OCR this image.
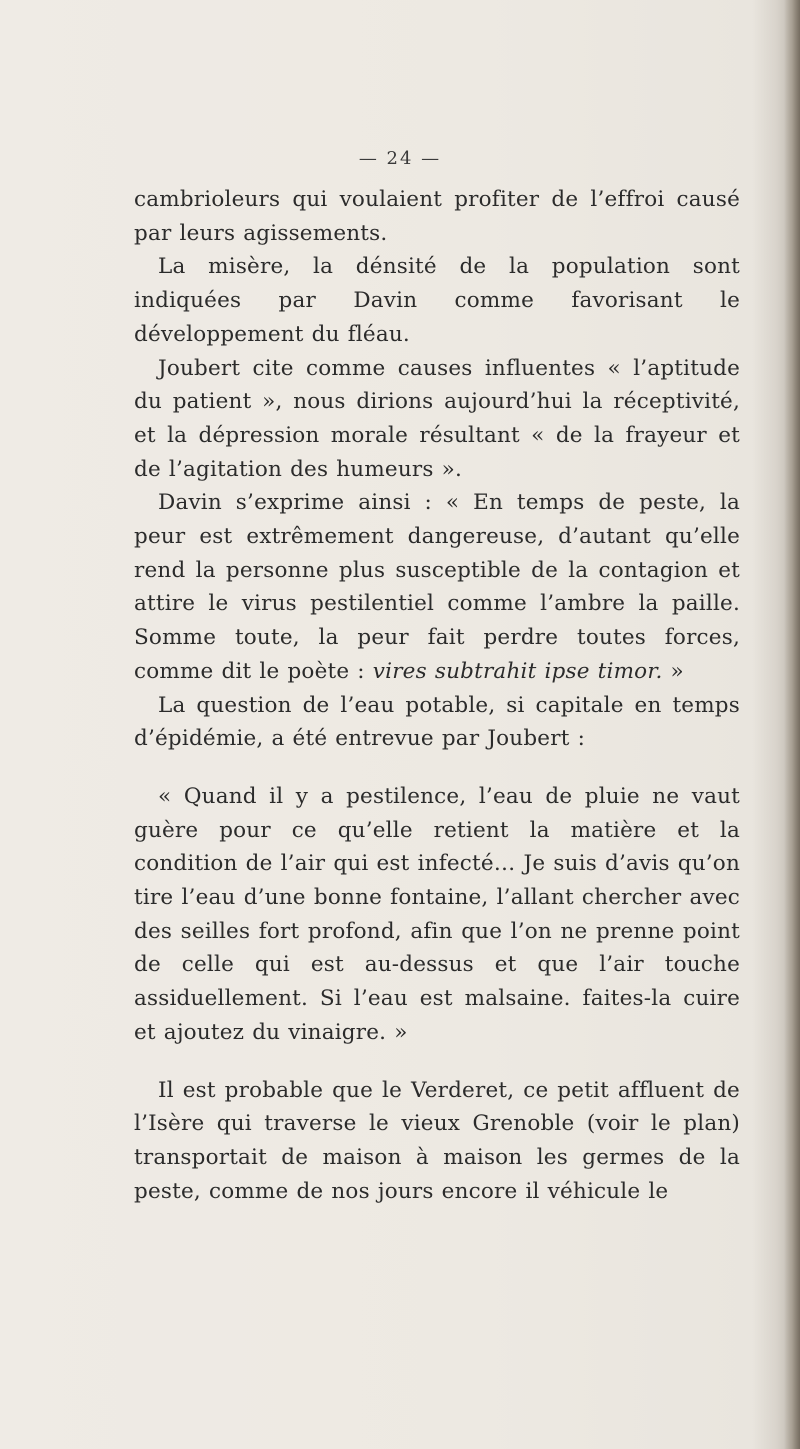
— 24 —

cambrioleurs qui voulaient profiter de l’effroi causé par leurs agissements.

La misère, la dénsité de la population sont indiquées par Davin comme favorisant le développement du fléau.

Joubert cite comme causes influentes « l’aptitude du patient », nous dirions aujourd’hui la réceptivité, et la dépression morale résultant « de la frayeur et de l’agitation des humeurs ».

Davin s’exprime ainsi : « En temps de peste, la peur est extrêmement dangereuse, d’autant qu’elle rend la personne plus susceptible de la contagion et attire le virus pestilentiel comme l’ambre la paille. Somme toute, la peur fait perdre toutes forces, comme dit le poète : vires subtrahit ipse timor. »

La question de l’eau potable, si capitale en temps d’épidémie, a été entrevue par Joubert :

« Quand il y a pestilence, l’eau de pluie ne vaut guère pour ce qu’elle retient la matière et la condition de l’air qui est infecté… Je suis d’avis qu’on tire l’eau d’une bonne fontaine, l’allant chercher avec des seilles fort profond, afin que l’on ne prenne point de celle qui est au-dessus et que l’air touche assiduellement. Si l’eau est malsaine. faites-la cuire et ajoutez du vinaigre. »

Il est probable que le Verderet, ce petit affluent de l’Isère qui traverse le vieux Grenoble (voir le plan) transportait de maison à maison les germes de la peste, comme de nos jours encore il véhicule le
